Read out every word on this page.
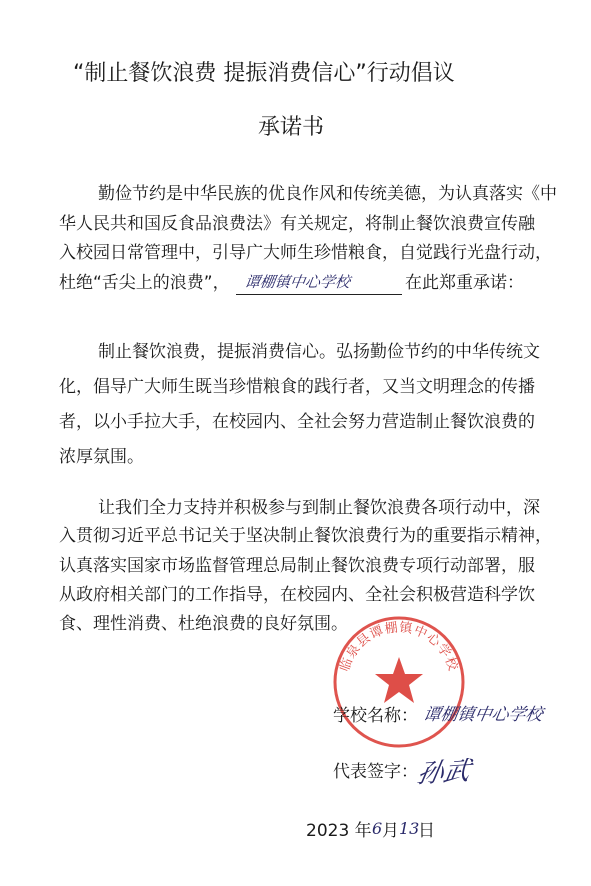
“制止餐饮浪费 提振消费信心”行动倡议
承诺书
勤俭节约是中华民族的优良作风和传统美德，为认真落实《中
华人民共和国反食品浪费法》有关规定，将制止餐饮浪费宣传融
入校园日常管理中，引导广大师生珍惜粮食，自觉践行光盘行动，
杜绝“舌尖上的浪费”， 谭棚镇中心学校	在此郑重承诺：
制止餐饮浪费，提振消费信心。弘扬勤俭节约的中华传统文
化，倡导广大师生既当珍惜粮食的践行者，又当文明理念的传播
者，以小手拉大手，在校园内、全社会努力营造制止餐饮浪费的
浓厚氛围。
让我们全力支持并积极参与到制止餐饮浪费各项行动中，深
入贯彻习近平总书记关于坚决制止餐饮浪费行为的重要指示精神，
认真落实国家市场监督管理总局制止餐饮浪费专项行动部署，服
从政府相关部门的工作指导，在校园内、全社会积极营造科学饮
食、理性消费、杜绝浪费的良好氛围。
临泉县谭棚镇中心学校
学校名称： 谭棚镇中心学校
代表签字：
孙武
2023 年 6 月 13
日
